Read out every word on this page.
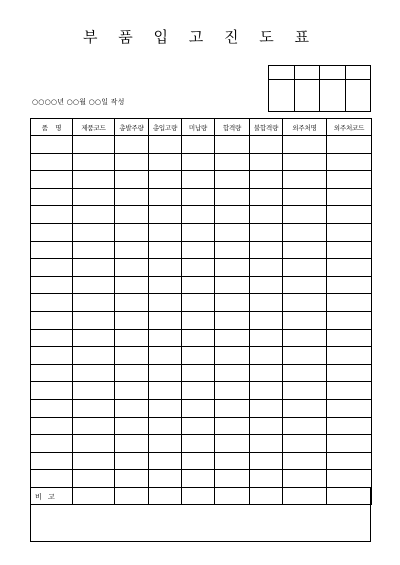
부 품 입 고 진 도 표

○○○○년 ○○월 ○○일 작성
품    명	제품코드	총발주량	총입고량	미납량	합격량	불합격량	외주처명	외주처코드

비 고
